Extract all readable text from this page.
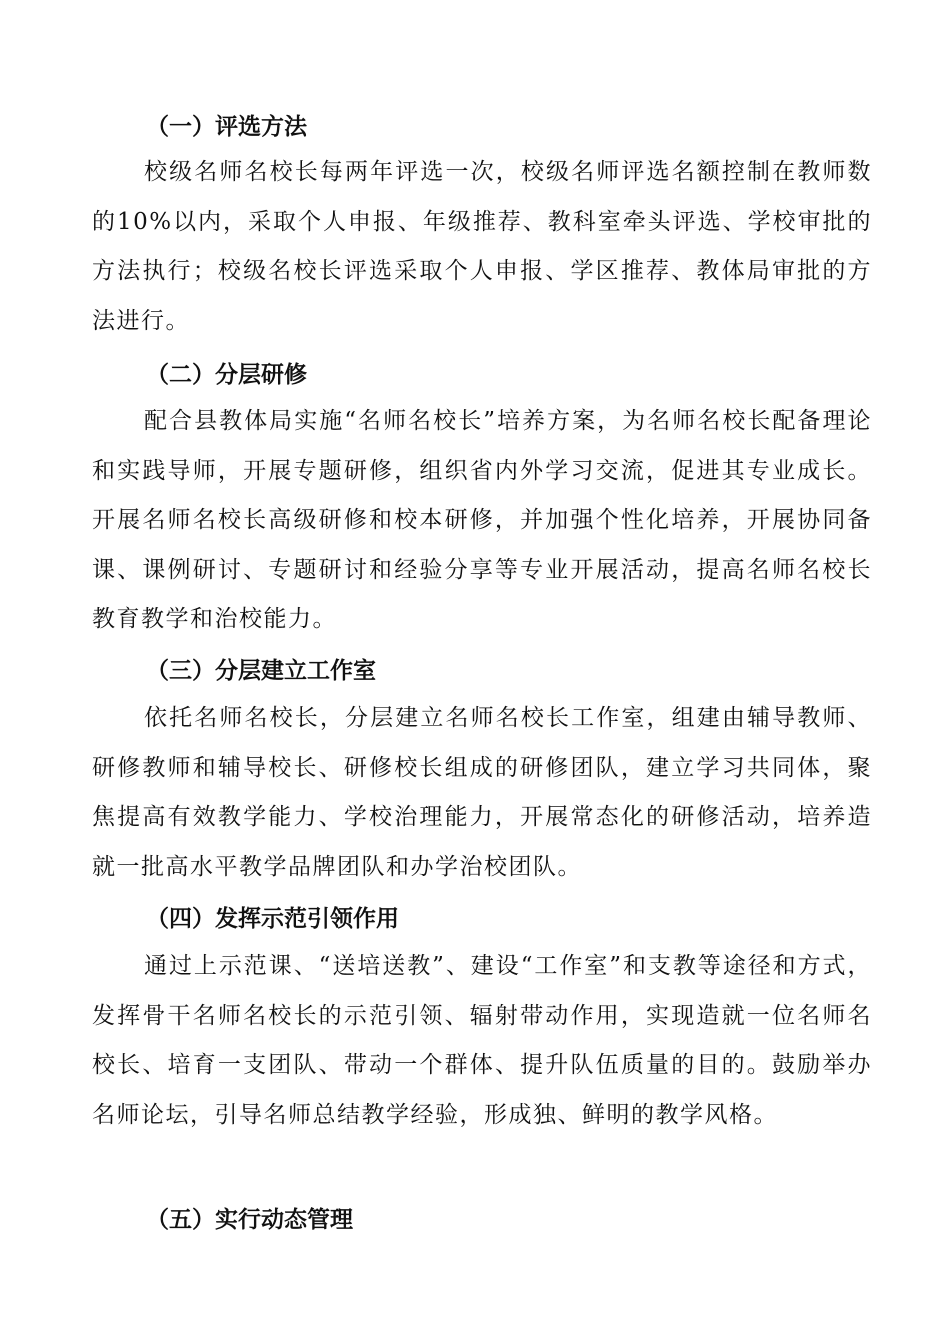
（一）评选方法

校级名师名校长每两年评选一次，校级名师评选名额控制在教师数的10%以内，采取个人申报、年级推荐、教科室牵头评选、学校审批的方法执行；校级名校长评选采取个人申报、学区推荐、教体局审批的方法进行。

（二）分层研修

配合县教体局实施“名师名校长”培养方案，为名师名校长配备理论和实践导师，开展专题研修，组织省内外学习交流，促进其专业成长。开展名师名校长高级研修和校本研修，并加强个性化培养，开展协同备课、课例研讨、专题研讨和经验分享等专业开展活动，提高名师名校长教育教学和治校能力。

（三）分层建立工作室

依托名师名校长，分层建立名师名校长工作室，组建由辅导教师、研修教师和辅导校长、研修校长组成的研修团队，建立学习共同体，聚焦提高有效教学能力、学校治理能力，开展常态化的研修活动，培养造就一批高水平教学品牌团队和办学治校团队。

（四）发挥示范引领作用

通过上示范课、“送培送教”、建设“工作室”和支教等途径和方式，发挥骨干名师名校长的示范引领、辐射带动作用，实现造就一位名师名校长、培育一支团队、带动一个群体、提升队伍质量的目的。鼓励举办名师论坛，引导名师总结教学经验，形成独、鲜明的教学风格。

（五）实行动态管理
